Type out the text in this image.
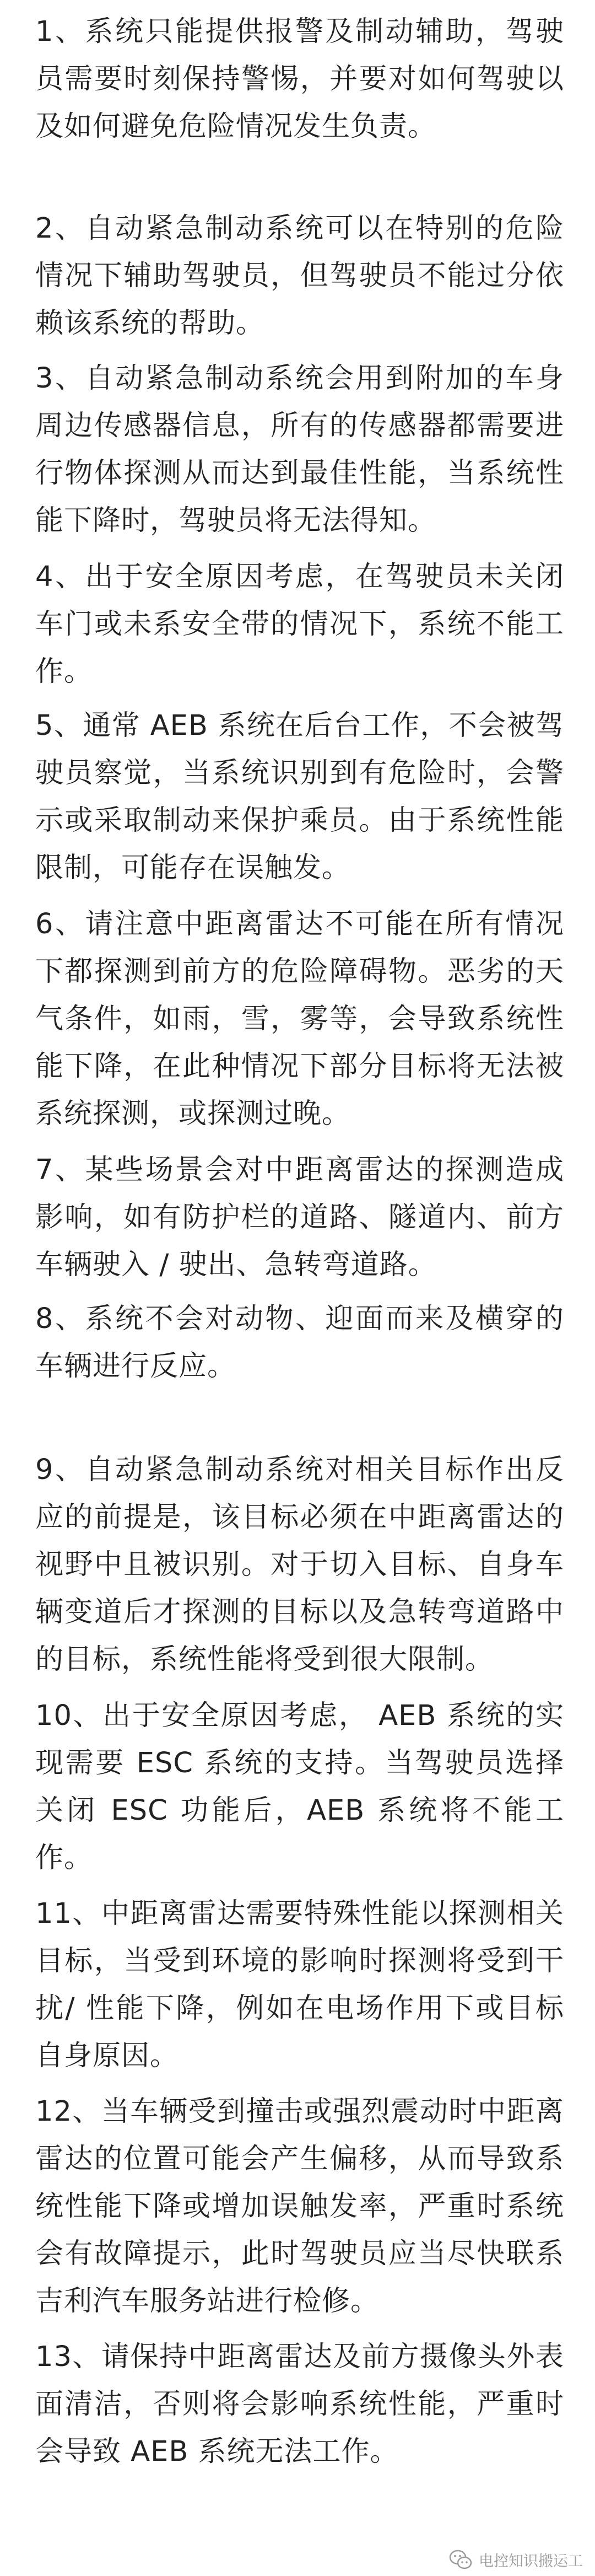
1、系统只能提供报警及制动辅助，驾驶员需要时刻保持警惕，并要对如何驾驶以及如何避免危险情况发生负责。

2、自动紧急制动系统可以在特别的危险情况下辅助驾驶员，但驾驶员不能过分依赖该系统的帮助。

3、自动紧急制动系统会用到附加的车身周边传感器信息，所有的传感器都需要进行物体探测从而达到最佳性能，当系统性能下降时，驾驶员将无法得知。

4、出于安全原因考虑，在驾驶员未关闭车门或未系安全带的情况下，系统不能工作。

5、通常 AEB 系统在后台工作，不会被驾驶员察觉，当系统识别到有危险时，会警示或采取制动来保护乘员。由于系统性能限制，可能存在误触发。

6、请注意中距离雷达不可能在所有情况下都探测到前方的危险障碍物。恶劣的天气条件，如雨，雪，雾等，会导致系统性能下降，在此种情况下部分目标将无法被系统探测，或探测过晚。

7、某些场景会对中距离雷达的探测造成影响，如有防护栏的道路、隧道内、前方车辆驶入 / 驶出、急转弯道路。

8、系统不会对动物、迎面而来及横穿的车辆进行反应。

9、自动紧急制动系统对相关目标作出反应的前提是，该目标必须在中距离雷达的视野中且被识别。对于切入目标、自身车辆变道后才探测的目标以及急转弯道路中的目标，系统性能将受到很大限制。

10、出于安全原因考虑， AEB 系统的实现需要 ESC 系统的支持。当驾驶员选择关闭 ESC 功能后，AEB 系统将不能工作。

11、中距离雷达需要特殊性能以探测相关目标，当受到环境的影响时探测将受到干扰/ 性能下降，例如在电场作用下或目标自身原因。

12、当车辆受到撞击或强烈震动时中距离雷达的位置可能会产生偏移，从而导致系统性能下降或增加误触发率，严重时系统会有故障提示，此时驾驶员应当尽快联系吉利汽车服务站进行检修。

13、请保持中距离雷达及前方摄像头外表面清洁，否则将会影响系统性能，严重时会导致 AEB 系统无法工作。

电控知识搬运工
